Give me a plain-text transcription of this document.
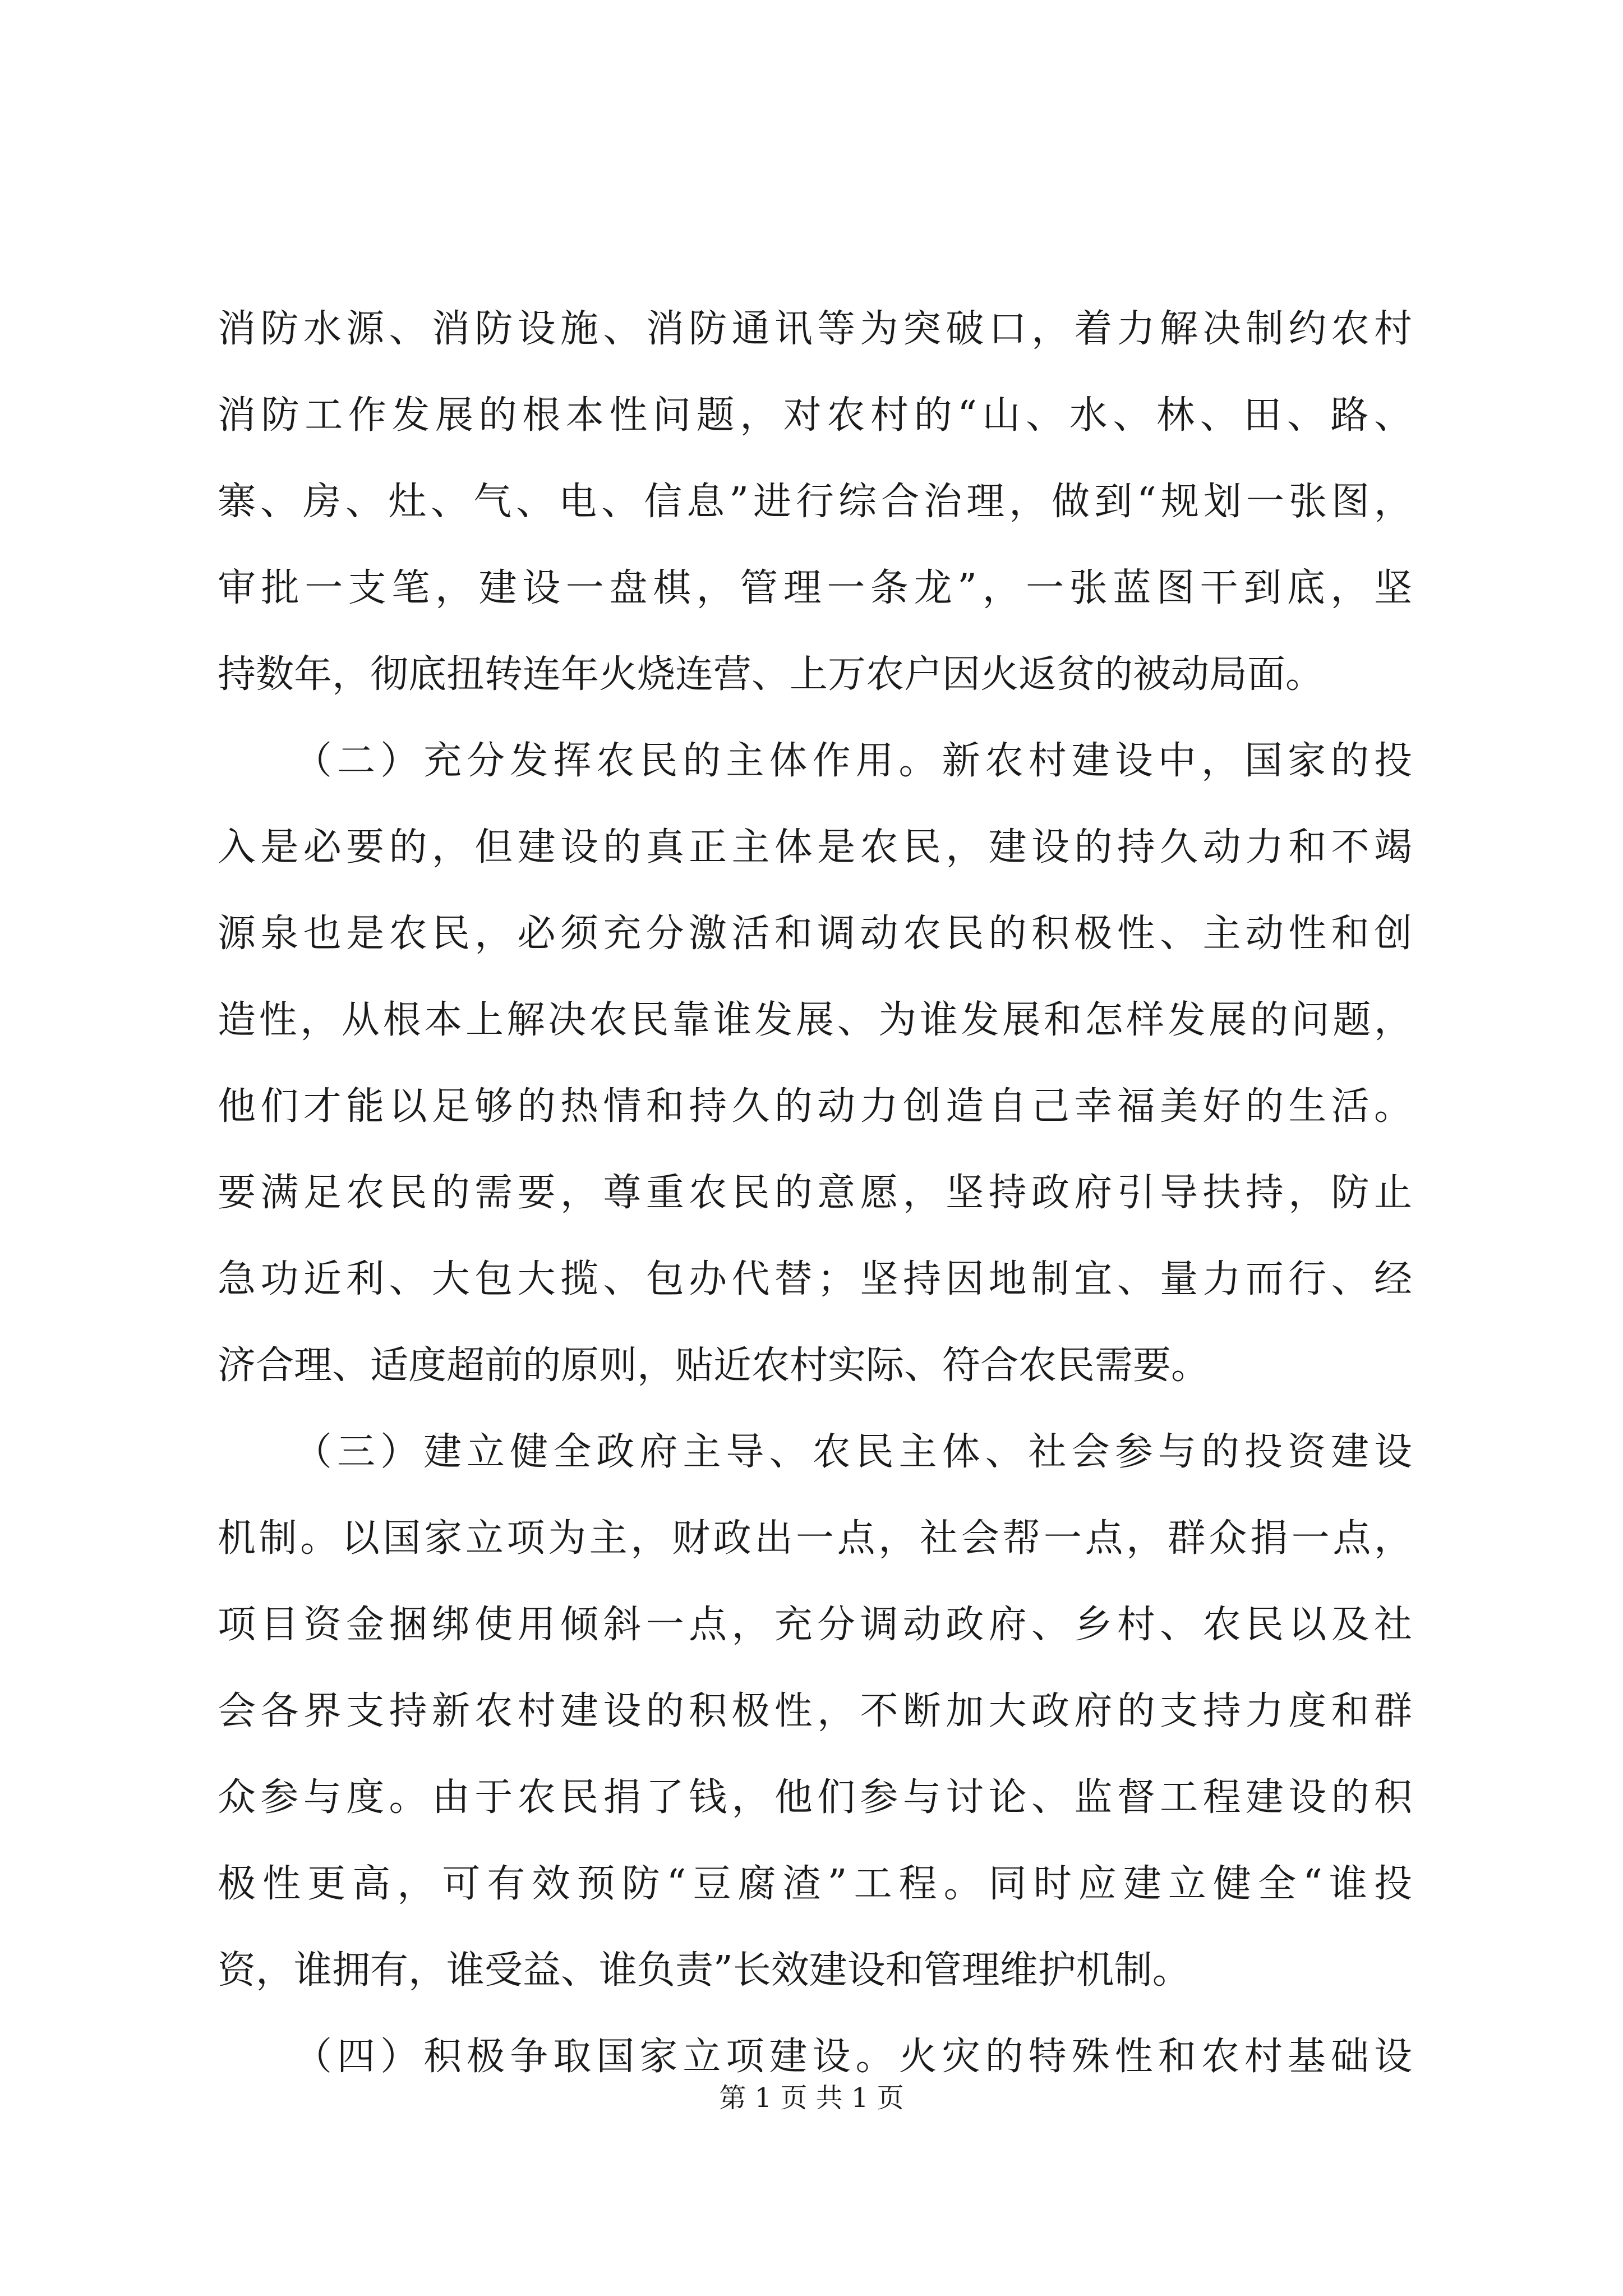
消防水源、消防设施、消防通讯等为突破口，着力解决制约农村
消防工作发展的根本性问题，对农村的“山、水、林、田、路、
寨、房、灶、气、电、信息”进行综合治理，做到“规划一张图，
审批一支笔，建设一盘棋，管理一条龙”，一张蓝图干到底，坚
持数年，彻底扭转连年火烧连营、上万农户因火返贫的被动局面。
（二）充分发挥农民的主体作用。新农村建设中，国家的投
入是必要的，但建设的真正主体是农民，建设的持久动力和不竭
源泉也是农民，必须充分激活和调动农民的积极性、主动性和创
造性，从根本上解决农民靠谁发展、为谁发展和怎样发展的问题，
他们才能以足够的热情和持久的动力创造自己幸福美好的生活。
要满足农民的需要，尊重农民的意愿，坚持政府引导扶持，防止
急功近利、大包大揽、包办代替；坚持因地制宜、量力而行、经
济合理、适度超前的原则，贴近农村实际、符合农民需要。
（三）建立健全政府主导、农民主体、社会参与的投资建设
机制。以国家立项为主，财政出一点，社会帮一点，群众捐一点，
项目资金捆绑使用倾斜一点，充分调动政府、乡村、农民以及社
会各界支持新农村建设的积极性，不断加大政府的支持力度和群
众参与度。由于农民捐了钱，他们参与讨论、监督工程建设的积
极性更高，可有效预防“豆腐渣”工程。同时应建立健全“谁投
资，谁拥有，谁受益、谁负责”长效建设和管理维护机制。
（四）积极争取国家立项建设。火灾的特殊性和农村基础设
第 1 页 共 1 页
